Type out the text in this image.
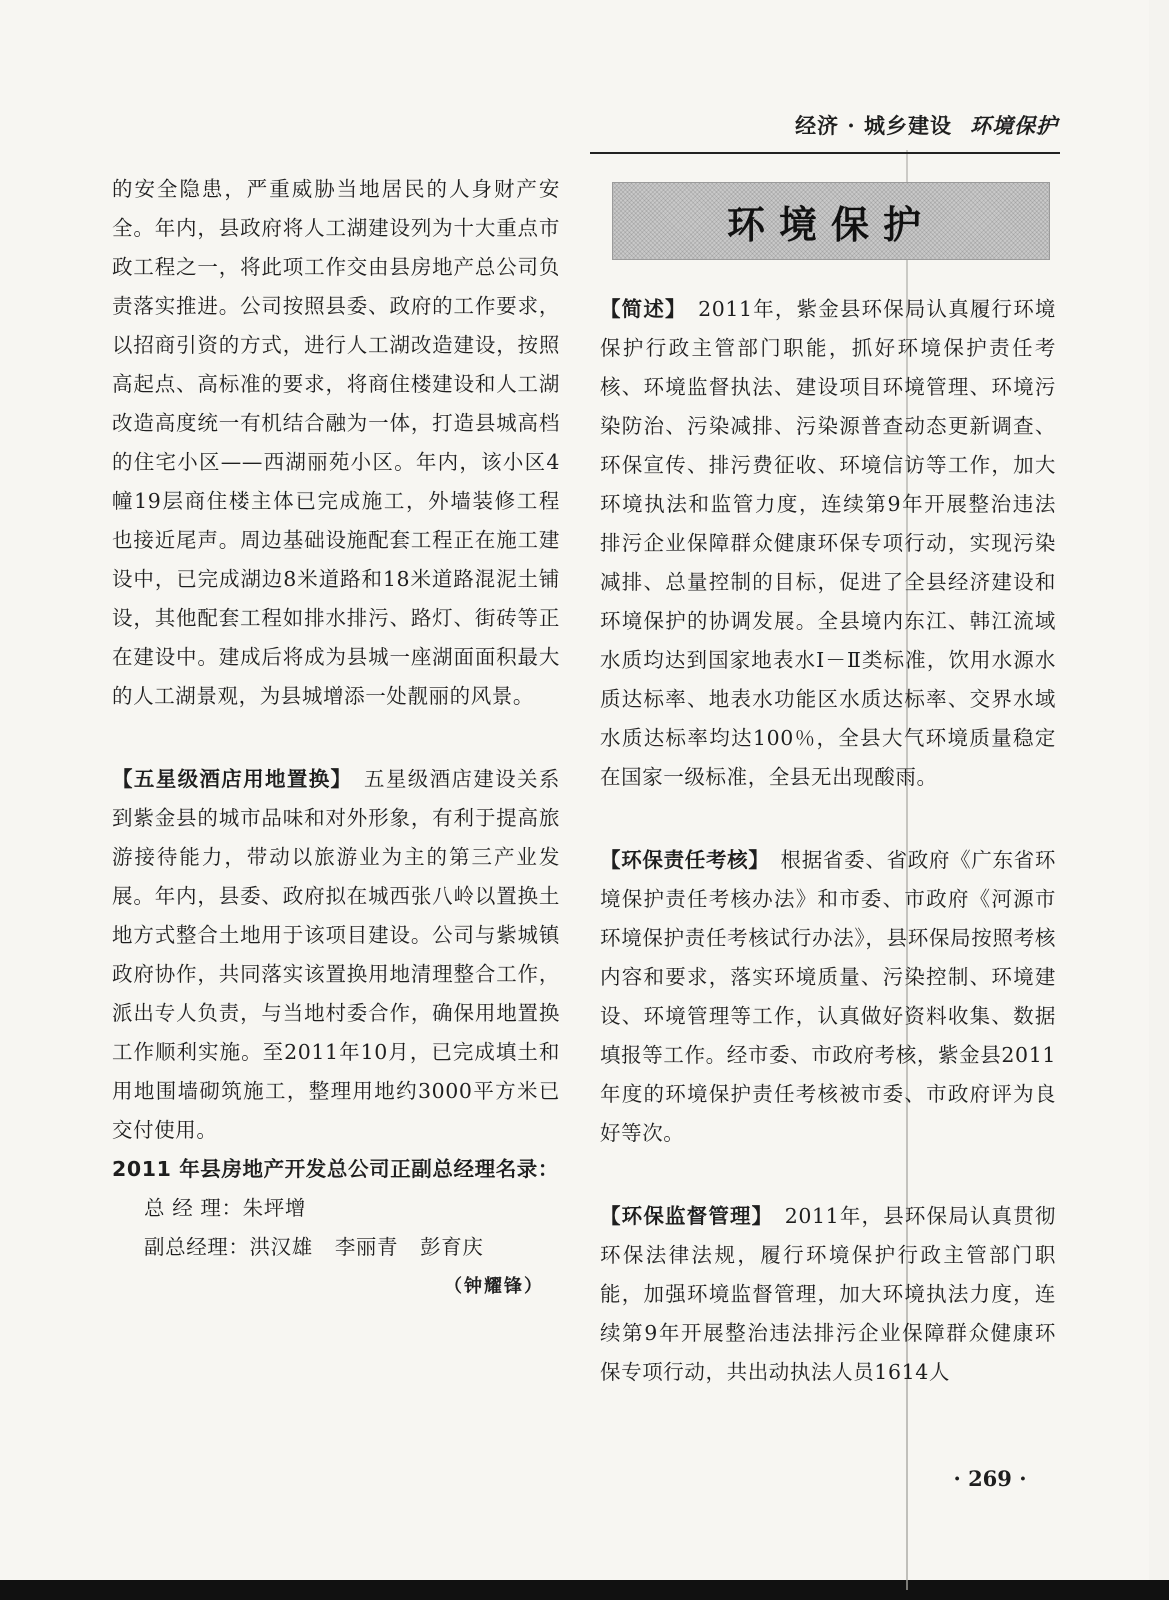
经济 · 城乡建设 环境保护

的安全隐患，严重威胁当地居民的人身财产安全。年内，县政府将人工湖建设列为十大重点市政工程之一，将此项工作交由县房地产总公司负责落实推进。公司按照县委、政府的工作要求，以招商引资的方式，进行人工湖改造建设，按照高起点、高标准的要求，将商住楼建设和人工湖改造高度统一有机结合融为一体，打造县城高档的住宅小区——西湖丽苑小区。年内，该小区4幢19层商住楼主体已完成施工，外墙装修工程也接近尾声。周边基础设施配套工程正在施工建设中，已完成湖边8米道路和18米道路混泥土铺设，其他配套工程如排水排污、路灯、街砖等正在建设中。建成后将成为县城一座湖面面积最大的人工湖景观，为县城增添一处靓丽的风景。

【五星级酒店用地置换】　 五星级酒店建设关系到紫金县的城市品味和对外形象，有利于提高旅游接待能力，带动以旅游业为主的第三产业发展。年内，县委、政府拟在城西张八岭以置换土地方式整合土地用于该项目建设。公司与紫城镇政府协作，共同落实该置换用地清理整合工作，派出专人负责，与当地村委合作，确保用地置换工作顺利实施。至2011年10月，已完成填土和用地围墙砌筑施工，整理用地约3000平方米已交付使用。

2011 年县房地产开发总公司正副总经理名录：

总 经 理：朱坪增

副总经理：洪汉雄 李丽青 彭育庆

（钟耀锋）

环境保护

【简述】　 2011年，紫金县环保局认真履行环境保护行政主管部门职能，抓好环境保护责任考核、环境监督执法、建设项目环境管理、环境污染防治、污染减排、污染源普查动态更新调查、环保宣传、排污费征收、环境信访等工作，加大环境执法和监管力度，连续第9年开展整治违法排污企业保障群众健康环保专项行动，实现污染减排、总量控制的目标，促进了全县经济建设和环境保护的协调发展。全县境内东江、韩江流域水质均达到国家地表水Ⅰ－Ⅱ类标准，饮用水源水质达标率、地表水功能区水质达标率、交界水域水质达标率均达100％，全县大气环境质量稳定在国家一级标准，全县无出现酸雨。

【环保责任考核】　 根据省委、省政府《广东省环境保护责任考核办法》和市委、市政府《河源市环境保护责任考核试行办法》，县环保局按照考核内容和要求，落实环境质量、污染控制、环境建设、环境管理等工作，认真做好资料收集、数据填报等工作。经市委、市政府考核，紫金县2011年度的环境保护责任考核被市委、市政府评为良好等次。

【环保监督管理】　 2011年，县环保局认真贯彻环保法律法规，履行环境保护行政主管部门职能，加强环境监督管理，加大环境执法力度，连续第9年开展整治违法排污企业保障群众健康环保专项行动，共出动执法人员1614人

· 269 ·
